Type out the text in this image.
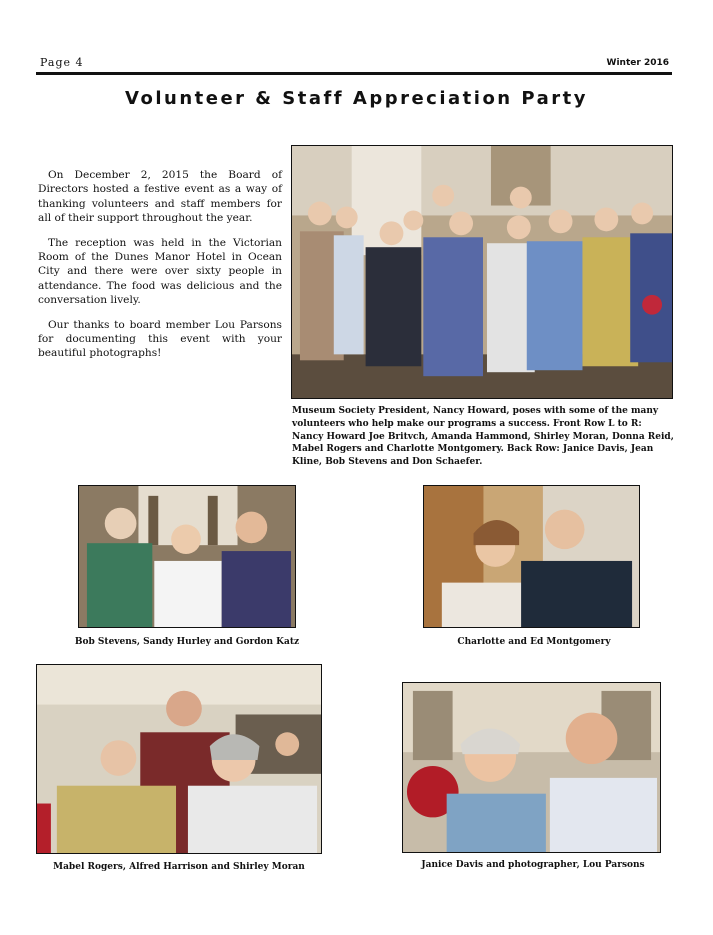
Page 4	Winter 2016
Volunteer & Staff Appreciation Party

On December 2, 2015 the Board of Directors hosted a festive event as a way of thanking volunteers and staff members for all of their support throughout the year.

The reception was held in the Victorian Room of the Dunes Manor Hotel in Ocean City and there were over sixty people in attendance. The food was delicious and the conversation lively.

Our thanks to board member Lou Parsons for documenting this event with your beautiful photographs!

Museum Society President, Nancy Howard, poses with some of the many volunteers who help make our programs a success. Front Row L to R: Nancy Howard Joe Britvch, Amanda Hammond, Shirley Moran, Donna Reid, Mabel Rogers and Charlotte Montgomery. Back Row: Janice Davis, Jean Kline, Bob Stevens and Don Schaefer.
Bob Stevens, Sandy Hurley and Gordon Katz	Charlotte and Ed Montgomery
Mabel Rogers, Alfred Harrison and Shirley Moran	Janice Davis and photographer, Lou Parsons
